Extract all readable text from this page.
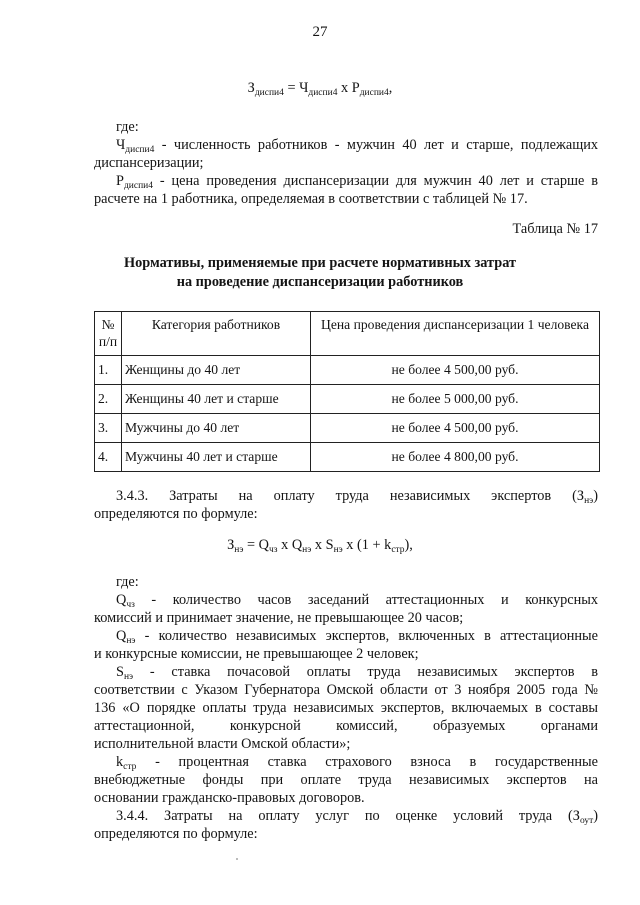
27
$З_{диспи4} = Ч_{диспи4}$ х $Р_{диспи4}$,
где:
$Ч_{диспи4}$ - численность работников - мужчин 40 лет и старше, подлежащих
диспансеризации;
$Р_{диспи4}$ - цена проведения диспансеризации для мужчин 40 лет и старше в
расчете на 1 работника, определяемая в соответствии с таблицей № 17.
Таблица № 17
Нормативы, применяемые при расчете нормативных затрат
на проведение диспансеризации работников
№ п/п	Категория работников	Цена проведения диспансеризации 1 человека
1.	Женщины до 40 лет	не более 4 500,00 руб.
2.	Женщины 40 лет и старше	не более 5 000,00 руб.
3.	Мужчины до 40 лет	не более 4 500,00 руб.
4.	Мужчины 40 лет и старше	не более 4 800,00 руб.
3.4.3. Затраты на оплату труда независимых экспертов $(З_{нэ})$
определяются по формуле:
$З_{нэ} = Q_{чз}$ х $Q_{нэ}$ х $S_{нэ}$ х $(1 + k_{стр})$,
где:
$Q_{чз}$ - количество часов заседаний аттестационных и конкурсных
комиссий и принимает значение, не превышающее 20 часов;
$Q_{нэ}$ - количество независимых экспертов, включенных в аттестационные
и конкурсные комиссии, не превышающее 2 человек;
$S_{нэ}$ - ставка почасовой оплаты труда независимых экспертов в
соответствии с Указом Губернатора Омской области от 3 ноября 2005 года №
136 «О порядке оплаты труда независимых экспертов, включаемых в составы
аттестационной, конкурсной комиссий, образуемых органами
исполнительной власти Омской области»;
$k_{стр}$ - процентная ставка страхового взноса в государственные
внебюджетные фонды при оплате труда независимых экспертов на
основании гражданско-правовых договоров.
3.4.4. Затраты на оплату услуг по оценке условий труда $(З_{оут})$
определяются по формуле:
